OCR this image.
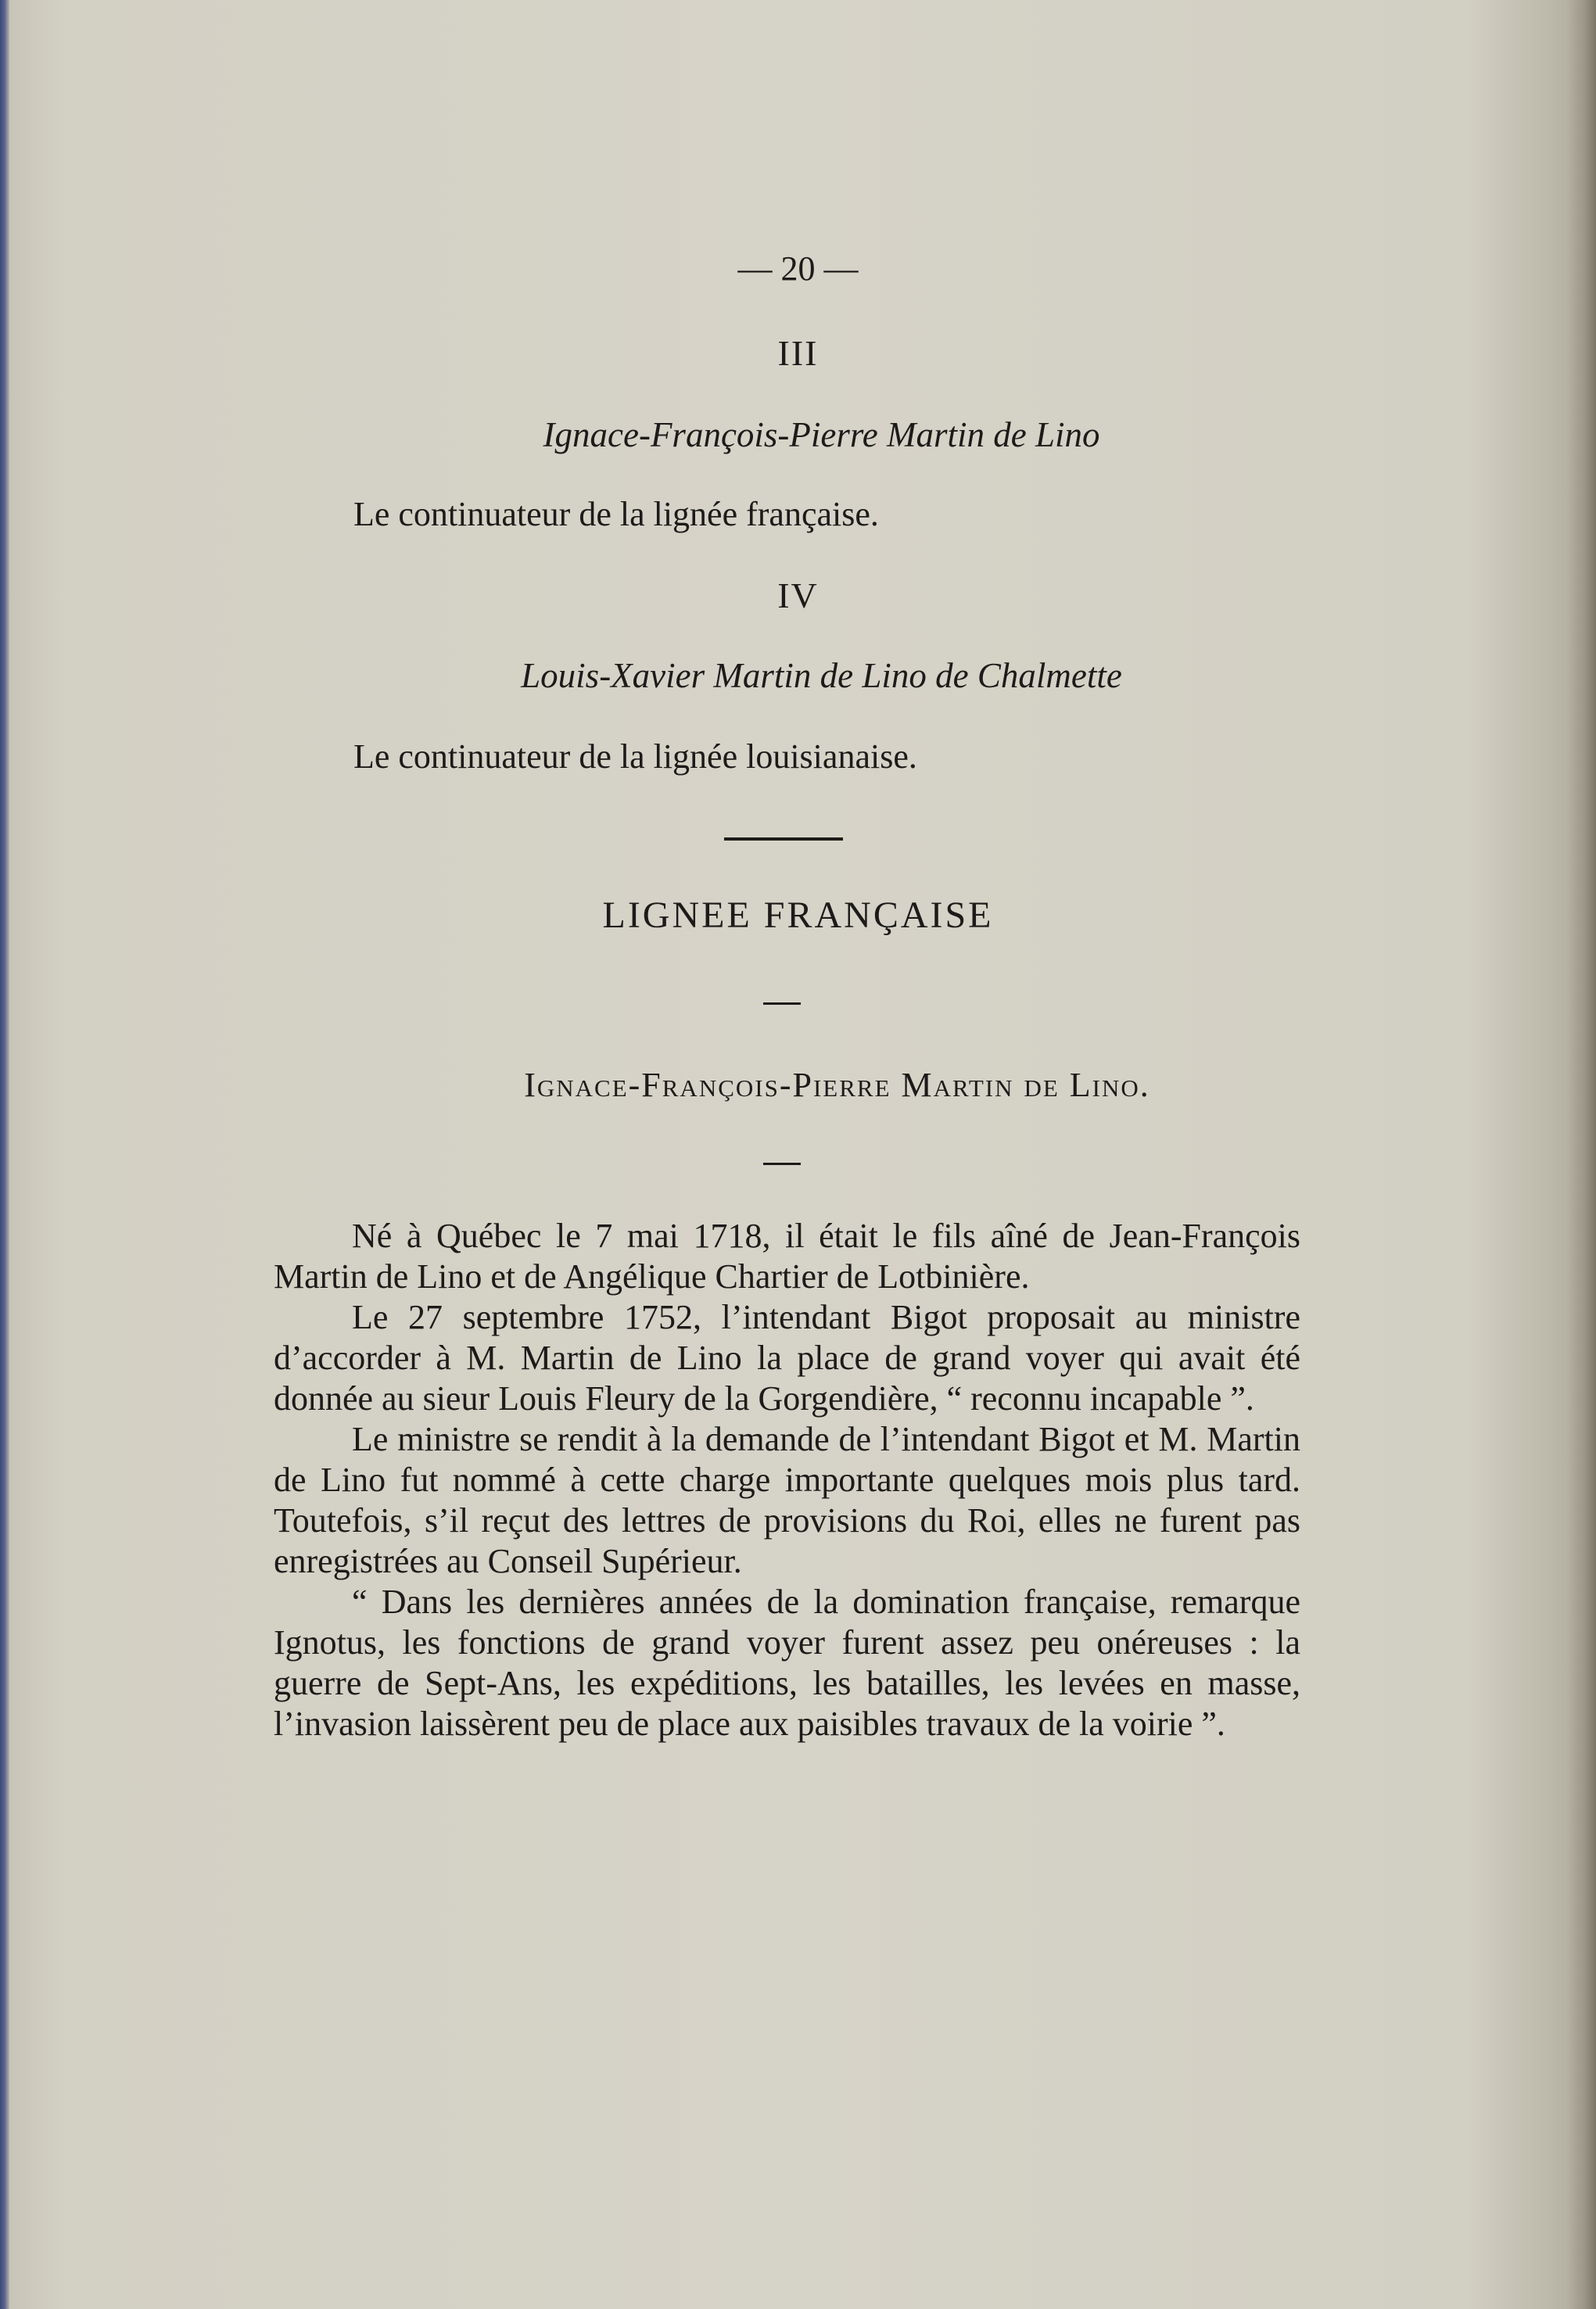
— 20 —
III
Ignace-François-Pierre Martin de Lino
Le continuateur de la lignée française.
IV
Louis-Xavier Martin de Lino de Chalmette
Le continuateur de la lignée louisianaise.
LIGNEE FRANÇAISE
Ignace-François-Pierre Martin de Lino.

Né à Québec le 7 mai 1718, il était le fils aîné de Jean-François Martin de Lino et de Angélique Chartier de Lotbinière.

Le 27 septembre 1752, l’intendant Bigot proposait au ministre d’accorder à M. Martin de Lino la place de grand voyer qui avait été donnée au sieur Louis Fleury de la Gorgendière, “ reconnu incapable ”.

Le ministre se rendit à la demande de l’intendant Bigot et M. Martin de Lino fut nommé à cette charge importante quelques mois plus tard. Toutefois, s’il reçut des lettres de provisions du Roi, elles ne furent pas enregistrées au Conseil Supérieur.

“ Dans les dernières années de la domination française, remarque Ignotus, les fonctions de grand voyer furent assez peu onéreuses : la guerre de Sept-Ans, les expéditions, les batailles, les levées en masse, l’invasion laissèrent peu de place aux paisibles travaux de la voirie ”.
